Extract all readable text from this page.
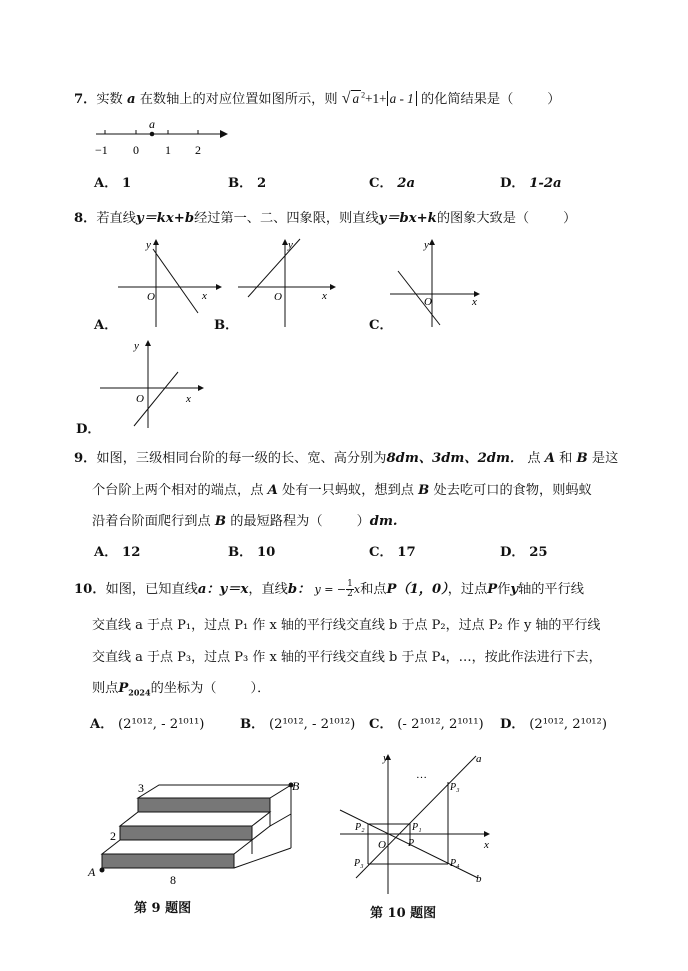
7．实数 a 在数轴上的对应位置如图所示，则 √ a $^2$+1+ a - 1 的化简结果是（	）
a
−1 0 1 2
A． 1	B． 2	C． 2a	D． 1-2a
8．若直线y＝kx+b经过第一、二、四象限，则直线y＝bx+k的图象大致是（	）
y
x
O
A．
y
x
O
B．
y
x
O
C．
y
x
O
D．
9．如图，三级相同台阶的每一级的长、宽、高分别为8dm、3dm、2dm． 点 A 和 B 是这
个台阶上两个相对的端点，点 A 处有一只蚂蚁，想到点 B 处去吃可口的食物，则蚂蚁
沿着台阶面爬行到点 B 的最短路程为（	）dm.
A． 12	B． 10	C． 17	D． 25
10．如图，已知直线a：y＝x，直线b： y = − $\frac{1}{2}$ x和点P（1，0），过点P作y轴的平行线
交直线 a 于点 P₁，过点 P₁ 作 x 轴的平行线交直线 b 于点 P₂，过点 P₂ 作 y 轴的平行线
交直线 a 于点 P₃，过点 P₃ 作 x 轴的平行线交直线 b 于点 P₄，…，按此作法进行下去，
则点$P_{2024}$的坐标为（	）．
A． (2¹⁰¹², - 2¹⁰¹¹)	B． (2¹⁰¹², - 2¹⁰¹²) C． (- 2¹⁰¹², 2¹⁰¹¹) D． (2¹⁰¹², 2¹⁰¹²)
3
2
8
A
B
第 9 题图
y
x
a
b
O P
P₁
P₂
P₃
P₃
P₄
…
第 10 题图
